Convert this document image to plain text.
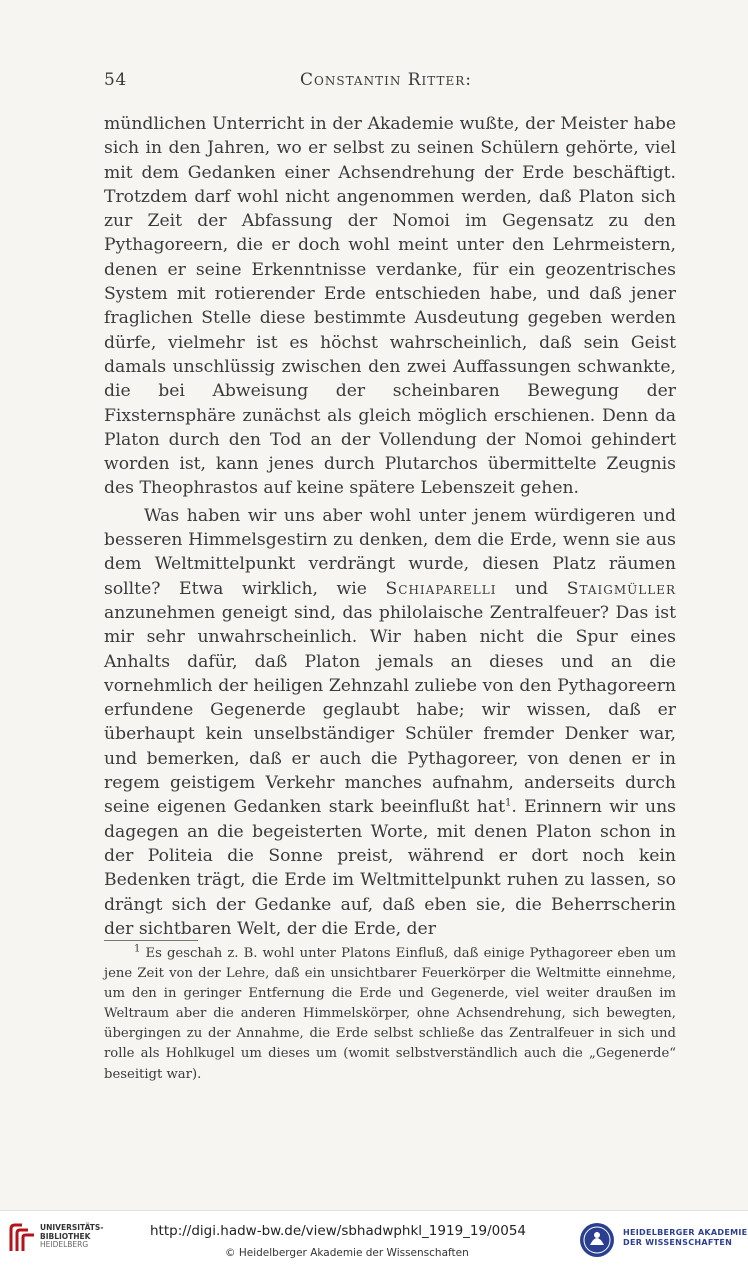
54	Constantin Ritter:

mündlichen Unterricht in der Akademie wußte, der Meister habe sich in den Jahren, wo er selbst zu seinen Schülern gehörte, viel mit dem Gedanken einer Achsendrehung der Erde beschäftigt. Trotzdem darf wohl nicht angenommen werden, daß Platon sich zur Zeit der Abfassung der Nomoi im Gegensatz zu den Pythagoreern, die er doch wohl meint unter den Lehrmeistern, denen er seine Erkenntnisse verdanke, für ein geozentrisches System mit rotierender Erde entschieden habe, und daß jener fraglichen Stelle diese bestimmte Ausdeutung gegeben werden dürfe, vielmehr ist es höchst wahrscheinlich, daß sein Geist damals unschlüssig zwischen den zwei Auffassungen schwankte, die bei Abweisung der scheinbaren Bewegung der Fixsternsphäre zunächst als gleich möglich erschienen. Denn da Platon durch den Tod an der Vollendung der Nomoi gehindert worden ist, kann jenes durch Plutarchos übermittelte Zeugnis des Theophrastos auf keine spätere Lebenszeit gehen.

Was haben wir uns aber wohl unter jenem würdigeren und besseren Himmelsgestirn zu denken, dem die Erde, wenn sie aus dem Weltmittelpunkt verdrängt wurde, diesen Platz räumen sollte? Etwa wirklich, wie Schiaparelli und Staigmüller anzunehmen geneigt sind, das philolaische Zentralfeuer? Das ist mir sehr unwahrscheinlich. Wir haben nicht die Spur eines Anhalts dafür, daß Platon jemals an dieses und an die vornehmlich der heiligen Zehnzahl zuliebe von den Pythagoreern erfundene Gegenerde geglaubt habe; wir wissen, daß er überhaupt kein unselbständiger Schüler fremder Denker war, und bemerken, daß er auch die Pythagoreer, von denen er in regem geistigem Verkehr manches aufnahm, anderseits durch seine eigenen Gedanken stark beeinflußt hat$^1$. Erinnern wir uns dagegen an die begeisterten Worte, mit denen Platon schon in der Politeia die Sonne preist, während er dort noch kein Bedenken trägt, die Erde im Weltmittelpunkt ruhen zu lassen, so drängt sich der Gedanke auf, daß eben sie, die Beherrscherin der sichtbaren Welt, der die Erde, der

$^1$ Es geschah z. B. wohl unter Platons Einfluß, daß einige Pythagoreer eben um jene Zeit von der Lehre, daß ein unsichtbarer Feuerkörper die Weltmitte einnehme, um den in geringer Entfernung die Erde und Gegenerde, viel weiter draußen im Weltraum aber die anderen Himmelskörper, ohne Achsendrehung, sich bewegten, übergingen zu der Annahme, die Erde selbst schließe das Zentralfeuer in sich und rolle als Hohlkugel um dieses um (womit selbstverständlich auch die „Gegenerde“ beseitigt war).

UNIVERSITÄTS-
BIBLIOTHEK
HEIDELBERG
http://digi.hadw-bw.de/view/sbhadwphkl_1919_19/0054
© Heidelberger Akademie der Wissenschaften
HEIDELBERGER AKADEMIE
DER WISSENSCHAFTEN
